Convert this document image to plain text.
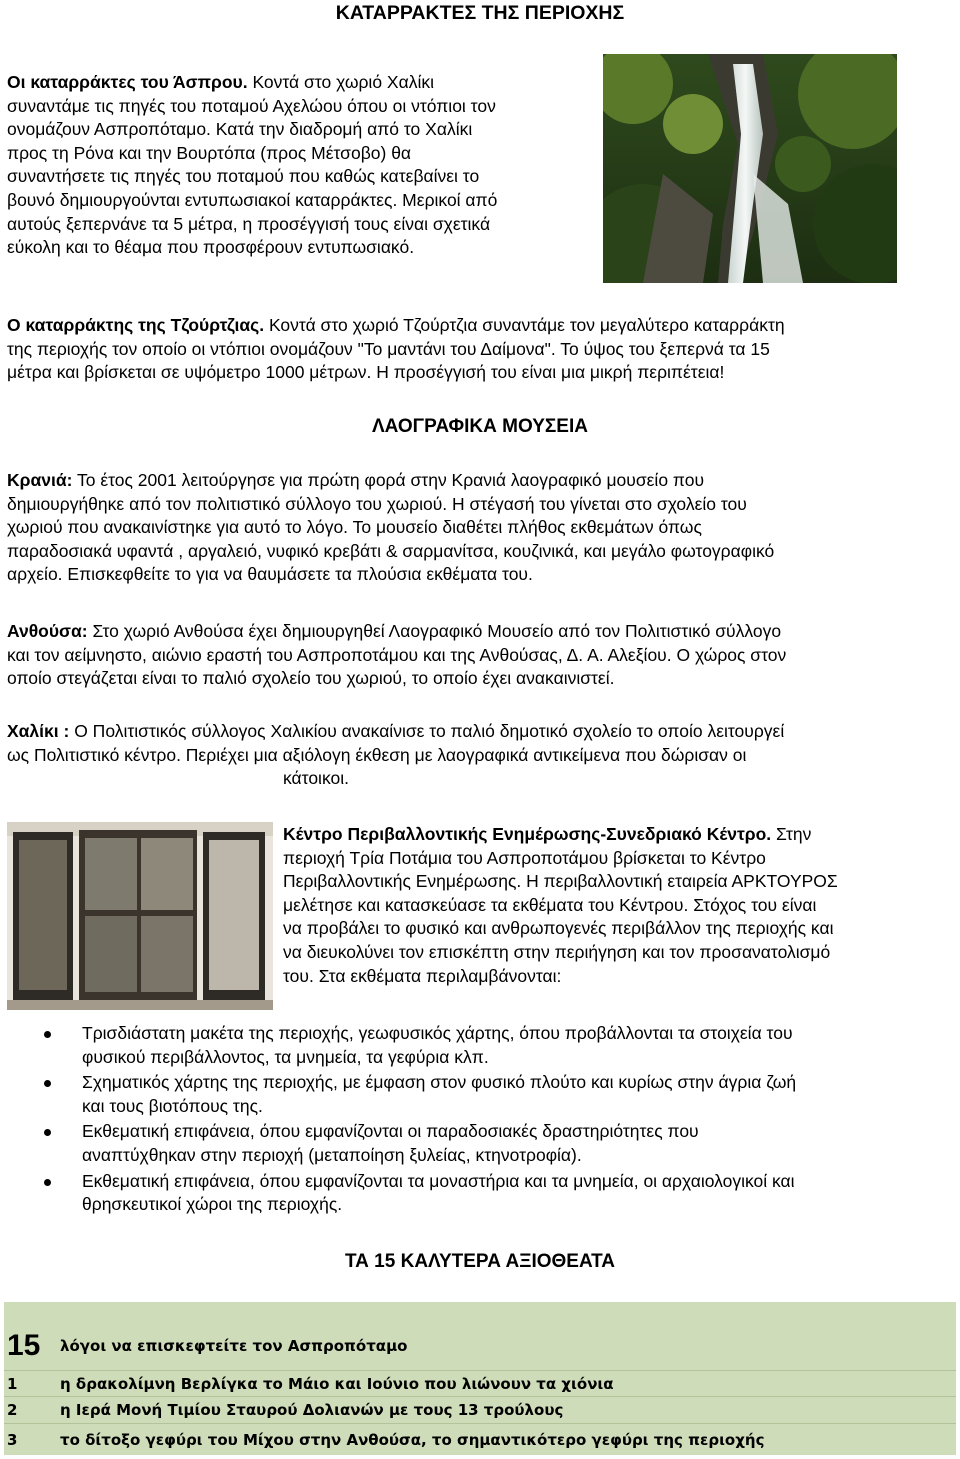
ΚΑΤΑΡΡΑΚΤΕΣ ΤΗΣ ΠΕΡΙΟΧΗΣ
Οι καταρράκτες του Άσπρου. Κοντά στο χωριό Χαλίκι
συναντάμε τις πηγές του ποταμού Αχελώου όπου οι ντόπιοι τον
ονομάζουν Ασπροπόταμο. Κατά την διαδρομή από το Χαλίκι
προς τη Ρόνα και την Βουρτόπα (προς Μέτσοβο) θα
συναντήσετε τις πηγές του ποταμού που καθώς κατεβαίνει το
βουνό δημιουργούνται εντυπωσιακοί καταρράκτες. Μερικοί από
αυτούς ξεπερνάνε τα 5 μέτρα, η προσέγγισή τους είναι σχετικά
εύκολη και το θέαμα που προσφέρουν εντυπωσιακό.
Ο καταρράκτης της Τζούρτζιας. Κοντά στο χωριό Τζούρτζια συναντάμε τον μεγαλύτερο καταρράκτη
της περιοχής τον οποίο οι ντόπιοι ονομάζουν "Το μαντάνι του Δαίμονα". Το ύψος του ξεπερνά τα 15
μέτρα και βρίσκεται σε υψόμετρο 1000 μέτρων. Η προσέγγισή του είναι μια μικρή περιπέτεια!
ΛΑΟΓΡΑΦΙΚΑ ΜΟΥΣΕΙΑ
Κρανιά: Το έτος 2001 λειτούργησε για πρώτη φορά στην Κρανιά λαογραφικό μουσείο που
δημιουργήθηκε από τον πολιτιστικό σύλλογο του χωριού. Η στέγασή του γίνεται στο σχολείο του
χωριού που ανακαινίστηκε για αυτό το λόγο. Το μουσείο διαθέτει πλήθος εκθεμάτων όπως
παραδοσιακά υφαντά , αργαλειό, νυφικό κρεβάτι & σαρμανίτσα, κουζινικά, και μεγάλο φωτογραφικό
αρχείο. Επισκεφθείτε το για να θαυμάσετε τα πλούσια εκθέματα του.
Ανθούσα: Στο χωριό Ανθούσα έχει δημιουργηθεί Λαογραφικό Μουσείο από τον Πολιτιστικό σύλλογο
και τον αείμνηστο, αιώνιο εραστή του Ασπροποτάμου και της Ανθούσας, Δ. Α. Αλεξίου. Ο χώρος στον
οποίο στεγάζεται είναι το παλιό σχολείο του χωριού, το οποίο έχει ανακαινιστεί.
Χαλίκι : Ο Πολιτιστικός σύλλογος Χαλικίου ανακαίνισε το παλιό δημοτικό σχολείο το οποίο λειτουργεί
ως Πολιτιστικό κέντρο. Περιέχει μια αξιόλογη έκθεση με λαογραφικά αντικείμενα που δώρισαν οι
κάτοικοι.
Κέντρο Περιβαλλοντικής Ενημέρωσης-Συνεδριακό Κέντρο. Στην
περιοχή Τρία Ποτάμια του Ασπροποτάμου βρίσκεται το Κέντρο
Περιβαλλοντικής Ενημέρωσης. Η περιβαλλοντική εταιρεία ΑΡΚΤΟΥΡΟΣ
μελέτησε και κατασκεύασε τα εκθέματα του Κέντρου. Στόχος του είναι
να προβάλει το φυσικό και ανθρωπογενές περιβάλλον της περιοχής και
να διευκολύνει τον επισκέπτη στην περιήγηση και τον προσανατολισμό
του. Στα εκθέματα περιλαμβάνονται:
Τρισδιάστατη μακέτα της περιοχής, γεωφυσικός χάρτης, όπου προβάλλονται τα στοιχεία του
φυσικού περιβάλλοντος, τα μνημεία, τα γεφύρια κλπ.
Σχηματικός χάρτης της περιοχής, με έμφαση στον φυσικό πλούτο και κυρίως στην άγρια ζωή
και τους βιοτόπους της.
Εκθεματική επιφάνεια, όπου εμφανίζονται οι παραδοσιακές δραστηριότητες που
αναπτύχθηκαν στην περιοχή (μεταποίηση ξυλείας, κτηνοτροφία).
Εκθεματική επιφάνεια, όπου εμφανίζονται τα μοναστήρια και τα μνημεία, οι αρχαιολογικοί και
θρησκευτικοί χώροι της περιοχής.
ΤΑ 15 ΚΑΛΥΤΕΡΑ ΑΞΙΟΘΕΑΤΑ
15	λόγοι να επισκεφτείτε τον Ασπροπόταμο
1	η δρακολίμνη Βερλίγκα το Μάιο και Ιούνιο που λιώνουν τα χιόνια
2	η Ιερά Μονή Τιμίου Σταυρού Δολιανών με τους 13 τρούλους
3	το δίτοξο γεφύρι του Μίχου στην Ανθούσα, το σημαντικότερο γεφύρι της περιοχής
